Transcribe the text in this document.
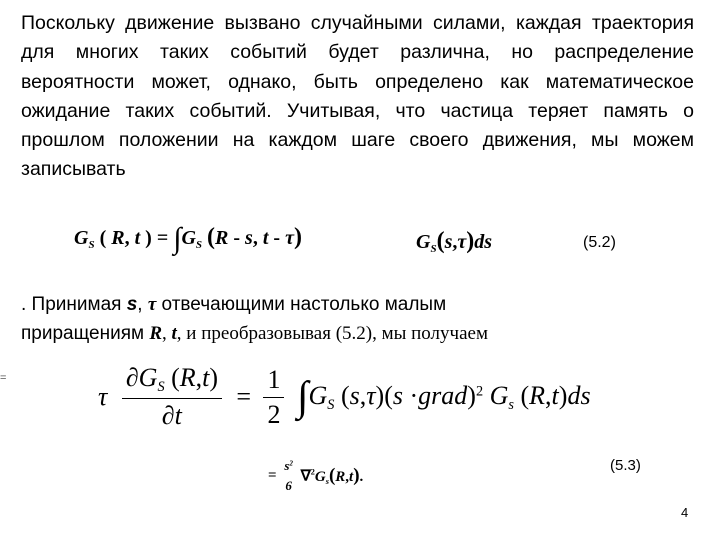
Поскольку движение вызвано случайными силами, каждая траектория для многих таких событий будет различна, но распределение вероятности может, однако, быть определено как математическое ожидание таких событий. Учитывая, что частица теряет память о прошлом положении на каждом шаге своего движения, мы можем записывать

$G_S$ ( R, t ) = $\int G_S$ (R - s, t - τ)	$G_S(s,\tau)ds$	(5.2)
. Принимая s, τ отвечающими настолько малым
приращениям R, t, и преобразовывая (5.2), мы получаем
=
τ $\frac{\partial G_S (R,t)}{\partial t} = \frac{1}{2} \int G_S$ (s,τ)(s ·grad)$^2$ $G_s$ (R,t)ds
=
$s^2$
6
$\nabla^2G_s(R,t)$.
(5.3)
4
